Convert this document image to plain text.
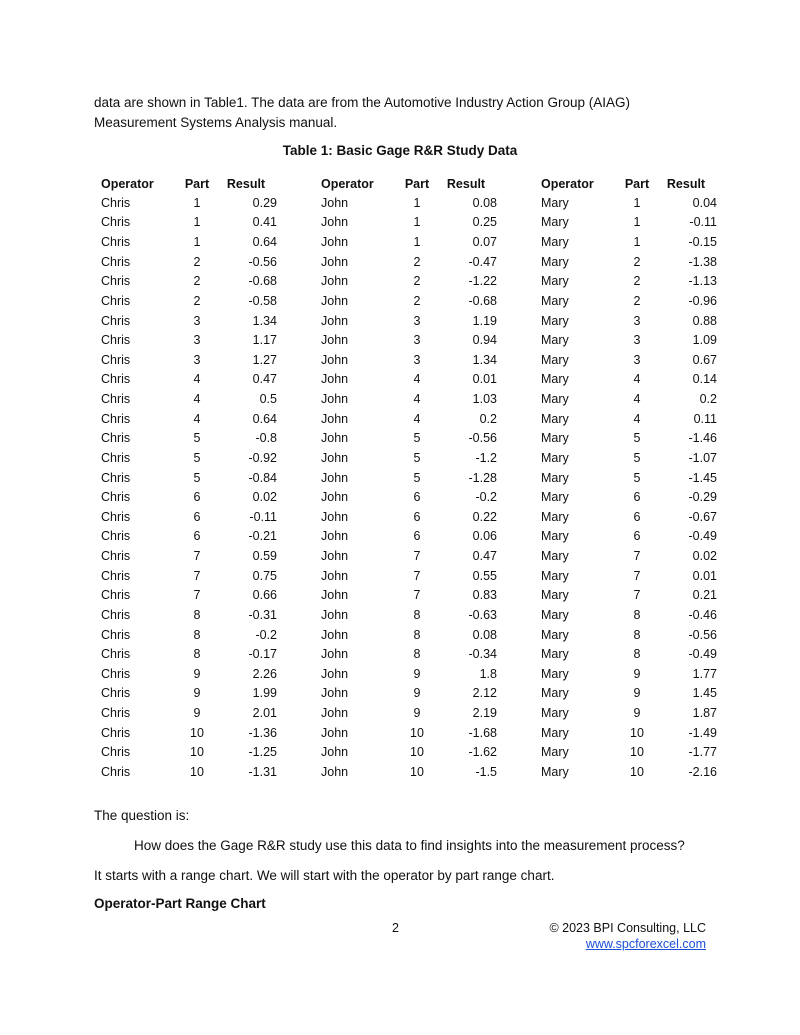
data are shown in Table1. The data are from the Automotive Industry Action Group (AIAG)

Measurement Systems Analysis manual.

Table 1: Basic Gage R&R Study Data
Operator	Part	Result		Operator	Part	Result		Operator	Part	Result
Chris	1	0.29		John	1	0.08		Mary	1	0.04
Chris	1	0.41		John	1	0.25		Mary	1	-0.11
Chris	1	0.64		John	1	0.07		Mary	1	-0.15
Chris	2	-0.56		John	2	-0.47		Mary	2	-1.38
Chris	2	-0.68		John	2	-1.22		Mary	2	-1.13
Chris	2	-0.58		John	2	-0.68		Mary	2	-0.96
Chris	3	1.34		John	3	1.19		Mary	3	0.88
Chris	3	1.17		John	3	0.94		Mary	3	1.09
Chris	3	1.27		John	3	1.34		Mary	3	0.67
Chris	4	0.47		John	4	0.01		Mary	4	0.14
Chris	4	0.5		John	4	1.03		Mary	4	0.2
Chris	4	0.64		John	4	0.2		Mary	4	0.11
Chris	5	-0.8		John	5	-0.56		Mary	5	-1.46
Chris	5	-0.92		John	5	-1.2		Mary	5	-1.07
Chris	5	-0.84		John	5	-1.28		Mary	5	-1.45
Chris	6	0.02		John	6	-0.2		Mary	6	-0.29
Chris	6	-0.11		John	6	0.22		Mary	6	-0.67
Chris	6	-0.21		John	6	0.06		Mary	6	-0.49
Chris	7	0.59		John	7	0.47		Mary	7	0.02
Chris	7	0.75		John	7	0.55		Mary	7	0.01
Chris	7	0.66		John	7	0.83		Mary	7	0.21
Chris	8	-0.31		John	8	-0.63		Mary	8	-0.46
Chris	8	-0.2		John	8	0.08		Mary	8	-0.56
Chris	8	-0.17		John	8	-0.34		Mary	8	-0.49
Chris	9	2.26		John	9	1.8		Mary	9	1.77
Chris	9	1.99		John	9	2.12		Mary	9	1.45
Chris	9	2.01		John	9	2.19		Mary	9	1.87
Chris	10	-1.36		John	10	-1.68		Mary	10	-1.49
Chris	10	-1.25		John	10	-1.62		Mary	10	-1.77
Chris	10	-1.31		John	10	-1.5		Mary	10	-2.16
The question is:
How does the Gage R&R study use this data to find insights into the measurement process?
It starts with a range chart. We will start with the operator by part range chart.
Operator-Part Range Chart
2	© 2023 BPI Consulting, LLC
www.spcforexcel.com
